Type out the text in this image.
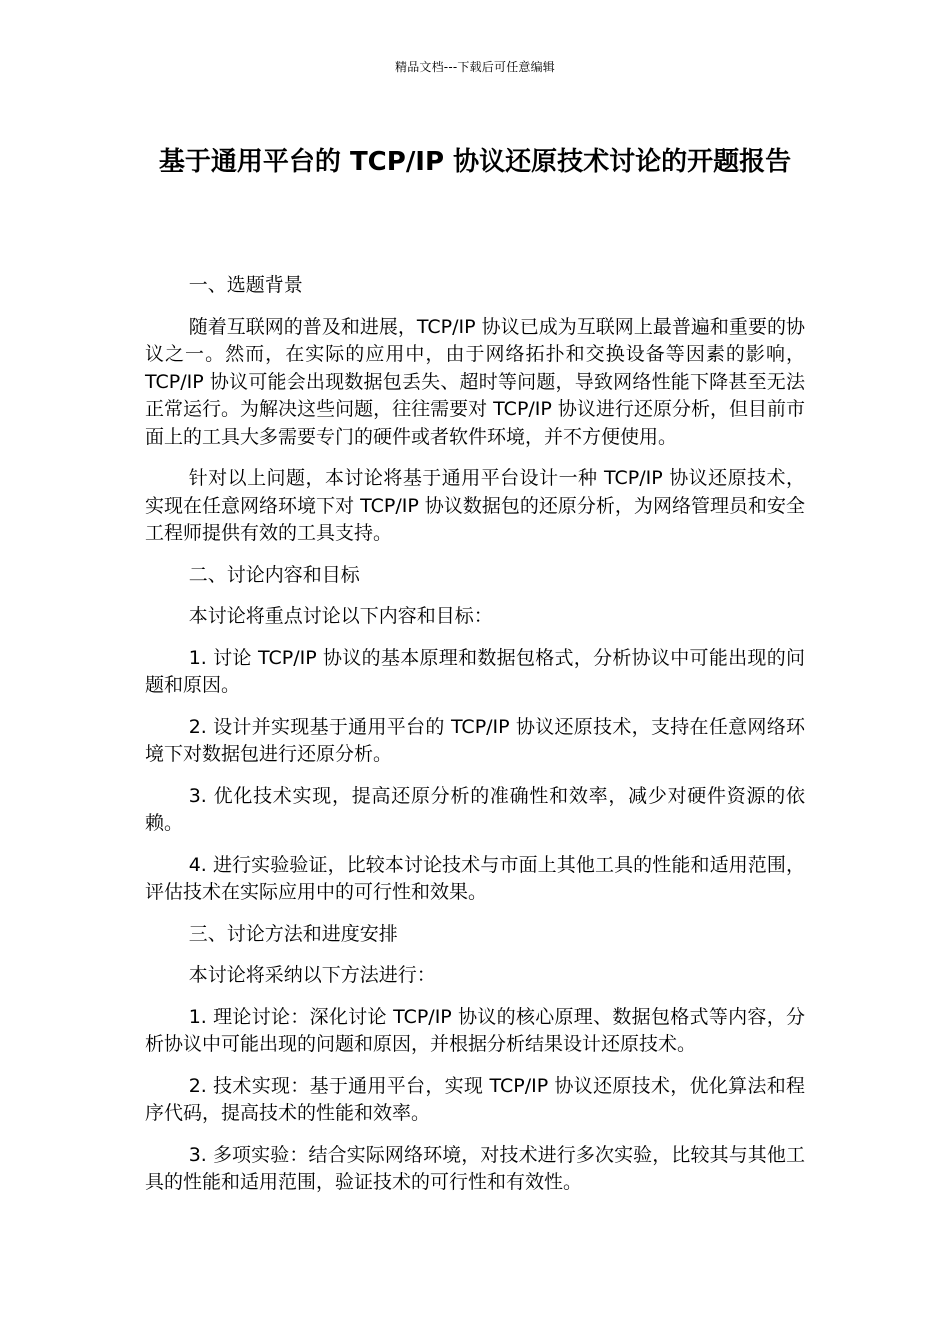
精品文档---下载后可任意编辑
基于通用平台的 TCP/IP 协议还原技术讨论的开题报告
一、选题背景
随着互联网的普及和进展，TCP/IP 协议已成为互联网上最普遍和重要的协议之一。然而，在实际的应用中，由于网络拓扑和交换设备等因素的影响，TCP/IP 协议可能会出现数据包丢失、超时等问题，导致网络性能下降甚至无法正常运行。为解决这些问题，往往需要对 TCP/IP 协议进行还原分析，但目前市面上的工具大多需要专门的硬件或者软件环境，并不方便使用。
针对以上问题，本讨论将基于通用平台设计一种 TCP/IP 协议还原技术，实现在任意网络环境下对 TCP/IP 协议数据包的还原分析，为网络管理员和安全工程师提供有效的工具支持。
二、讨论内容和目标
本讨论将重点讨论以下内容和目标：
1. 讨论 TCP/IP 协议的基本原理和数据包格式，分析协议中可能出现的问题和原因。
2. 设计并实现基于通用平台的 TCP/IP 协议还原技术，支持在任意网络环境下对数据包进行还原分析。
3. 优化技术实现，提高还原分析的准确性和效率，减少对硬件资源的依赖。
4. 进行实验验证，比较本讨论技术与市面上其他工具的性能和适用范围，评估技术在实际应用中的可行性和效果。
三、讨论方法和进度安排
本讨论将采纳以下方法进行：
1. 理论讨论：深化讨论 TCP/IP 协议的核心原理、数据包格式等内容，分析协议中可能出现的问题和原因，并根据分析结果设计还原技术。
2. 技术实现：基于通用平台，实现 TCP/IP 协议还原技术，优化算法和程序代码，提高技术的性能和效率。
3. 多项实验：结合实际网络环境，对技术进行多次实验，比较其与其他工具的性能和适用范围，验证技术的可行性和有效性。
